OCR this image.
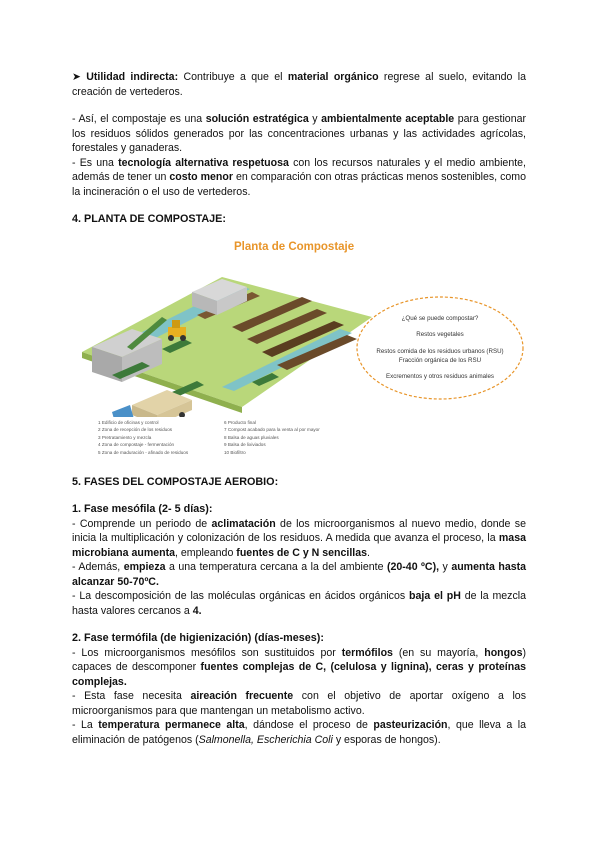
➤ Utilidad indirecta: Contribuye a que el material orgánico regrese al suelo, evitando la creación de vertederos.

- Así, el compostaje es una solución estratégica y ambientalmente aceptable para gestionar los residuos sólidos generados por las concentraciones urbanas y las actividades agrícolas, forestales y ganaderas.

- Es una tecnología alternativa respetuosa con los recursos naturales y el medio ambiente, además de tener un costo menor en comparación con otras prácticas menos sostenibles, como la incineración o el uso de vertederos.

4. PLANTA DE COMPOSTAJE:

Planta de Compostaje
¿Qué se puede compostar?
Restos vegetales
Restos comida de los residuos urbanos (RSU)
Fracción orgánica de los RSU
Excrementos y otros residuos animales
1 Edificio de oficinas y control
2 Zona de recepción de los residuos
3 Pretratamiento y mezcla
4 Zona de compostaje - fermentación
5 Zona de maduración - afinado de residuos
6 Producto final
7 Compost acabado para la venta al por mayor
8 Balsa de aguas pluviales
9 Balsa de lixiviados
10 Biofiltro

5. FASES DEL COMPOSTAJE AEROBIO:

1. Fase mesófila (2- 5 días):

- Comprende un periodo de aclimatación de los microorganismos al nuevo medio, donde se inicia la multiplicación y colonización de los residuos. A medida que avanza el proceso, la masa microbiana aumenta, empleando fuentes de C y N sencillas.

- Además, empieza a una temperatura cercana a la del ambiente (20-40 ºC), y aumenta hasta alcanzar 50-70ºC.

- La descomposición de las moléculas orgánicas en ácidos orgánicos baja el pH de la mezcla hasta valores cercanos a 4.

2. Fase termófila (de higienización) (días-meses):

- Los microorganismos mesófilos son sustituidos por termófilos (en su mayoría, hongos) capaces de descomponer fuentes complejas de C, (celulosa y lignina), ceras y proteínas complejas.

- Esta fase necesita aireación frecuente con el objetivo de aportar oxígeno a los microorganismos para que mantengan un metabolismo activo.

- La temperatura permanece alta, dándose el proceso de pasteurización, que lleva a la eliminación de patógenos (Salmonella, Escherichia Coli y esporas de hongos).
